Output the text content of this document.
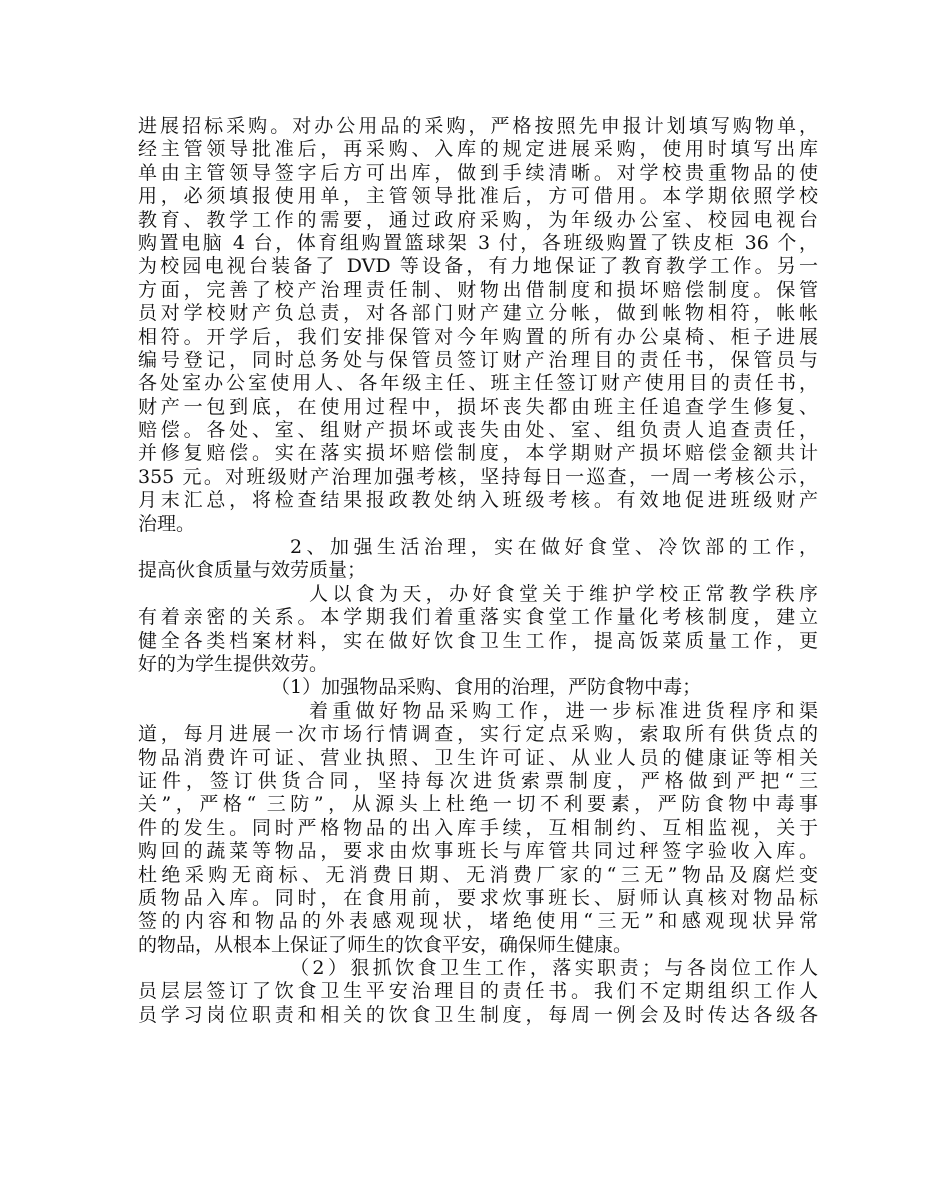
进展招标采购。对办公用品的采购，严格按照先申报计划填写购物单，
经主管领导批准后，再采购、入库的规定进展采购，使用时填写出库
单由主管领导签字后方可出库，做到手续清晰。对学校贵重物品的使
用，必须填报使用单，主管领导批准后，方可借用。本学期依照学校
教育、教学工作的需要，通过政府采购，为年级办公室、校园电视台
购置电脑 4 台，体育组购置篮球架 3 付，各班级购置了铁皮柜 36 个，
为校园电视台装备了 DVD 等设备，有力地保证了教育教学工作。另一
方面，完善了校产治理责任制、财物出借制度和损坏赔偿制度。保管
员对学校财产负总责，对各部门财产建立分帐，做到帐物相符，帐帐
相符。开学后，我们安排保管对今年购置的所有办公桌椅、柜子进展
编号登记，同时总务处与保管员签订财产治理目的责任书，保管员与
各处室办公室使用人、各年级主任、班主任签订财产使用目的责任书，
财产一包到底，在使用过程中，损坏丧失都由班主任追查学生修复、
赔偿。各处、室、组财产损坏或丧失由处、室、组负责人追查责任，
并修复赔偿。实在落实损坏赔偿制度，本学期财产损坏赔偿金额共计
355 元。对班级财产治理加强考核，坚持每日一巡查，一周一考核公示，
月末汇总，将检查结果报政教处纳入班级考核。有效地促进班级财产
治理。
2、加强生活治理，实在做好食堂、冷饮部的工作，
提高伙食质量与效劳质量；
人以食为天，办好食堂关于维护学校正常教学秩序
有着亲密的关系。本学期我们着重落实食堂工作量化考核制度，建立
健全各类档案材料，实在做好饮食卫生工作，提高饭菜质量工作，更
好的为学生提供效劳。
（1）加强物品采购、食用的治理，严防食物中毒；
着重做好物品采购工作，进一步标准进货程序和渠
道，每月进展一次市场行情调查，实行定点采购，索取所有供货点的
物品消费许可证、营业执照、卫生许可证、从业人员的健康证等相关
证件，签订供货合同，坚持每次进货索票制度，严格做到严把“三
关”，严格“ 三防”，从源头上杜绝一切不利要素，严防食物中毒事
件的发生。同时严格物品的出入库手续，互相制约、互相监视，关于
购回的蔬菜等物品，要求由炊事班长与库管共同过秤签字验收入库。
杜绝采购无商标、无消费日期、无消费厂家的“三无”物品及腐烂变
质物品入库。同时，在食用前，要求炊事班长、厨师认真核对物品标
签的内容和物品的外表感观现状，堵绝使用“三无”和感观现状异常
的物品，从根本上保证了师生的饮食平安，确保师生健康。
（2）狠抓饮食卫生工作，落实职责；与各岗位工作人
员层层签订了饮食卫生平安治理目的责任书。我们不定期组织工作人
员学习岗位职责和相关的饮食卫生制度，每周一例会及时传达各级各
